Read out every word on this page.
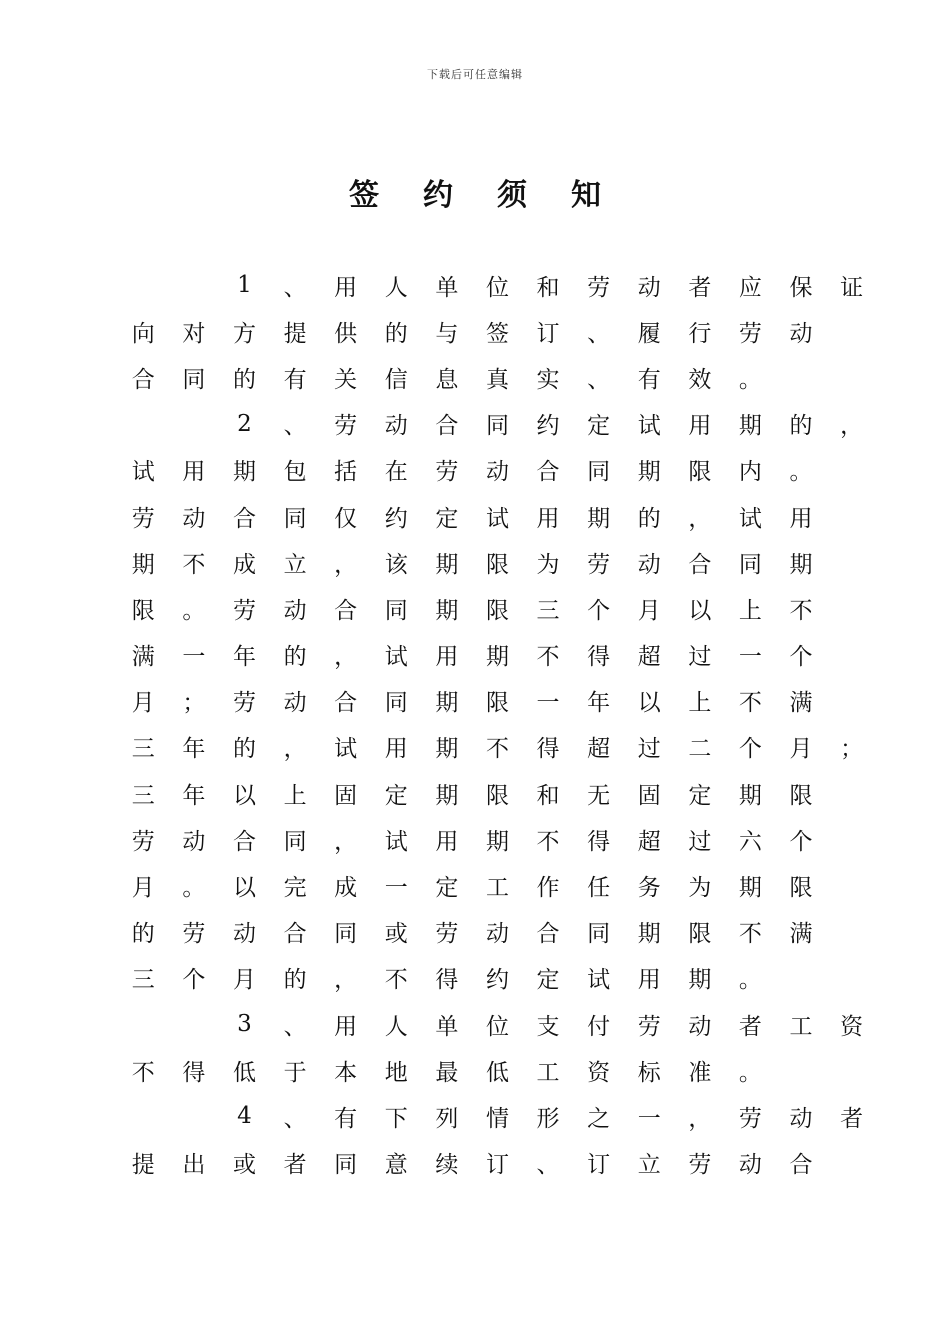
下载后可任意编辑
签约须知

1	、	用	人	单	位	和	劳	动	者	应	保	证
向	对	方	提	供	的	与	签	订	、	履	行	劳	动
合	同	的	有	关	信	息	真	实	、	有	效	。

2	、	劳	动	合	同	约	定	试	用	期	的	，
试	用	期	包	括	在	劳	动	合	同	期	限	内	。
劳	动	合	同	仅	约	定	试	用	期	的	，	试	用
期	不	成	立	，	该	期	限	为	劳	动	合	同	期
限	。	劳	动	合	同	期	限	三	个	月	以	上	不
满	一	年	的	，	试	用	期	不	得	超	过	一	个
月	；	劳	动	合	同	期	限	一	年	以	上	不	满
三	年	的	，	试	用	期	不	得	超	过	二	个	月	；
三	年	以	上	固	定	期	限	和	无	固	定	期	限
劳	动	合	同	，	试	用	期	不	得	超	过	六	个
月	。	以	完	成	一	定	工	作	任	务	为	期	限
的	劳	动	合	同	或	劳	动	合	同	期	限	不	满
三	个	月	的	，	不	得	约	定	试	用	期	。

3	、	用	人	单	位	支	付	劳	动	者	工	资
不	得	低	于	本	地	最	低	工	资	标	准	。

4	、	有	下	列	情	形	之	一	，	劳	动	者
提	出	或	者	同	意	续	订	、	订	立	劳	动	合
